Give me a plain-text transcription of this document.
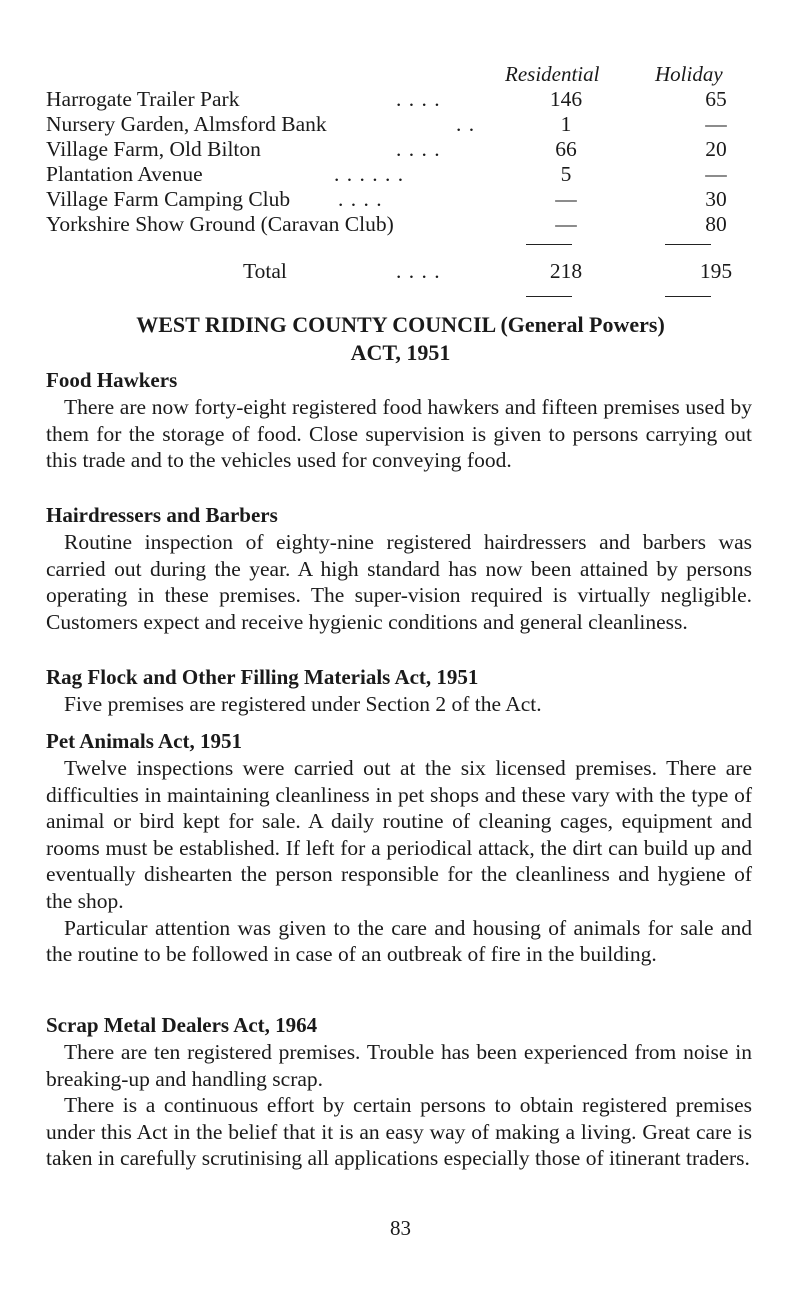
Residential	Holiday
Harrogate Trailer Park	. . . .	146	65
Nursery Garden, Almsford Bank	. .	1	—
Village Farm, Old Bilton	. . . .	66	20
Plantation Avenue	. . . . . .	5	—
Village Farm Camping Club . . . .	—	30
Yorkshire Show Ground (Caravan Club)	—	80
Total	. . . .	218	195
WEST RIDING COUNTY COUNCIL (General Powers)
ACT, 1951
Food Hawkers

There are now forty-eight registered food hawkers and fifteen premises used by them for the storage of food. Close supervision is given to persons carrying out this trade and to the vehicles used for conveying food.

Hairdressers and Barbers

Routine inspection of eighty-nine registered hairdressers and barbers was carried out during the year. A high standard has now been attained by persons operating in these premises. The super-vision required is virtually negligible. Customers expect and receive hygienic conditions and general cleanliness.

Rag Flock and Other Filling Materials Act, 1951

Five premises are registered under Section 2 of the Act.

Pet Animals Act, 1951

Twelve inspections were carried out at the six licensed premises. There are difficulties in maintaining cleanliness in pet shops and these vary with the type of animal or bird kept for sale. A daily routine of cleaning cages, equipment and rooms must be established. If left for a periodical attack, the dirt can build up and eventually dishearten the person responsible for the cleanliness and hygiene of the shop.

Particular attention was given to the care and housing of animals for sale and the routine to be followed in case of an outbreak of fire in the building.

Scrap Metal Dealers Act, 1964

There are ten registered premises. Trouble has been experienced from noise in breaking-up and handling scrap.

There is a continuous effort by certain persons to obtain registered premises under this Act in the belief that it is an easy way of making a living. Great care is taken in carefully scrutinising all applications especially those of itinerant traders.

83
